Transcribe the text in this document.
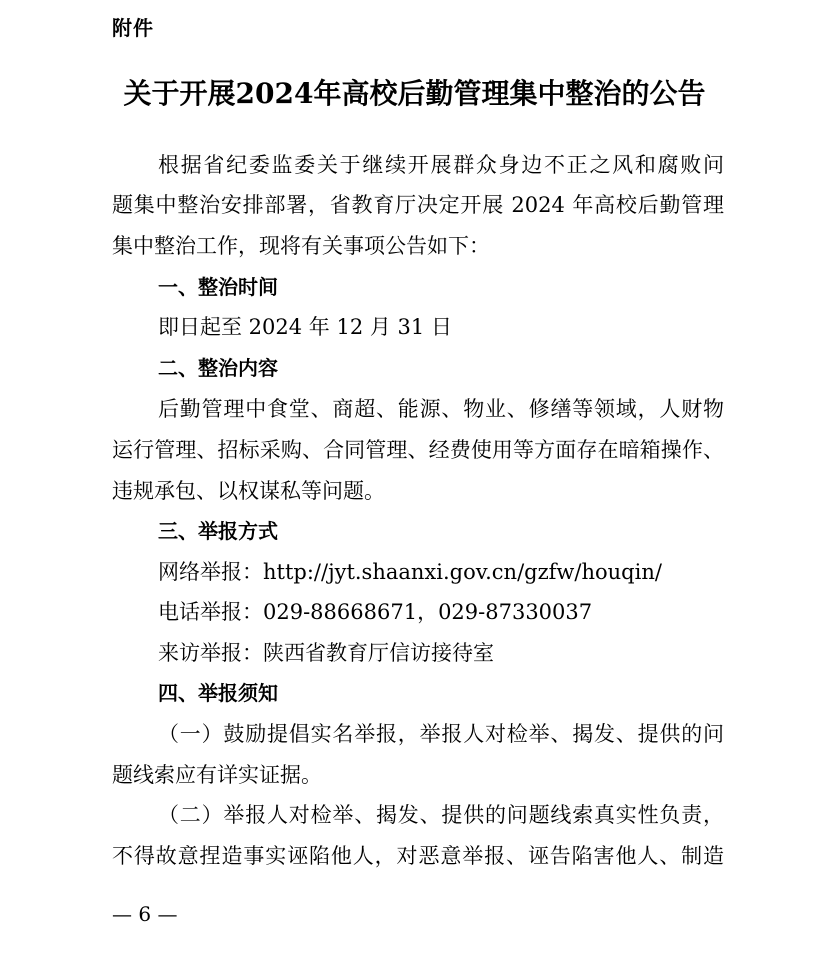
附件
关于开展2024年高校后勤管理集中整治的公告
根据省纪委监委关于继续开展群众身边不正之风和腐败问
题集中整治安排部署，省教育厅决定开展 2024 年高校后勤管理
集中整治工作，现将有关事项公告如下：
一、整治时间
即日起至 2024 年 12 月 31 日
二、整治内容
后勤管理中食堂、商超、能源、物业、修缮等领域，人财物
运行管理、招标采购、合同管理、经费使用等方面存在暗箱操作、
违规承包、以权谋私等问题。
三、举报方式
网络举报：http://jyt.shaanxi.gov.cn/gzfw/houqin/
电话举报：029-88668671，029-87330037
来访举报：陕西省教育厅信访接待室
四、举报须知
（一）鼓励提倡实名举报，举报人对检举、揭发、提供的问
题线索应有详实证据。
（二）举报人对检举、揭发、提供的问题线索真实性负责，
不得故意捏造事实诬陷他人，对恶意举报、诬告陷害他人、制造
— 6 —
